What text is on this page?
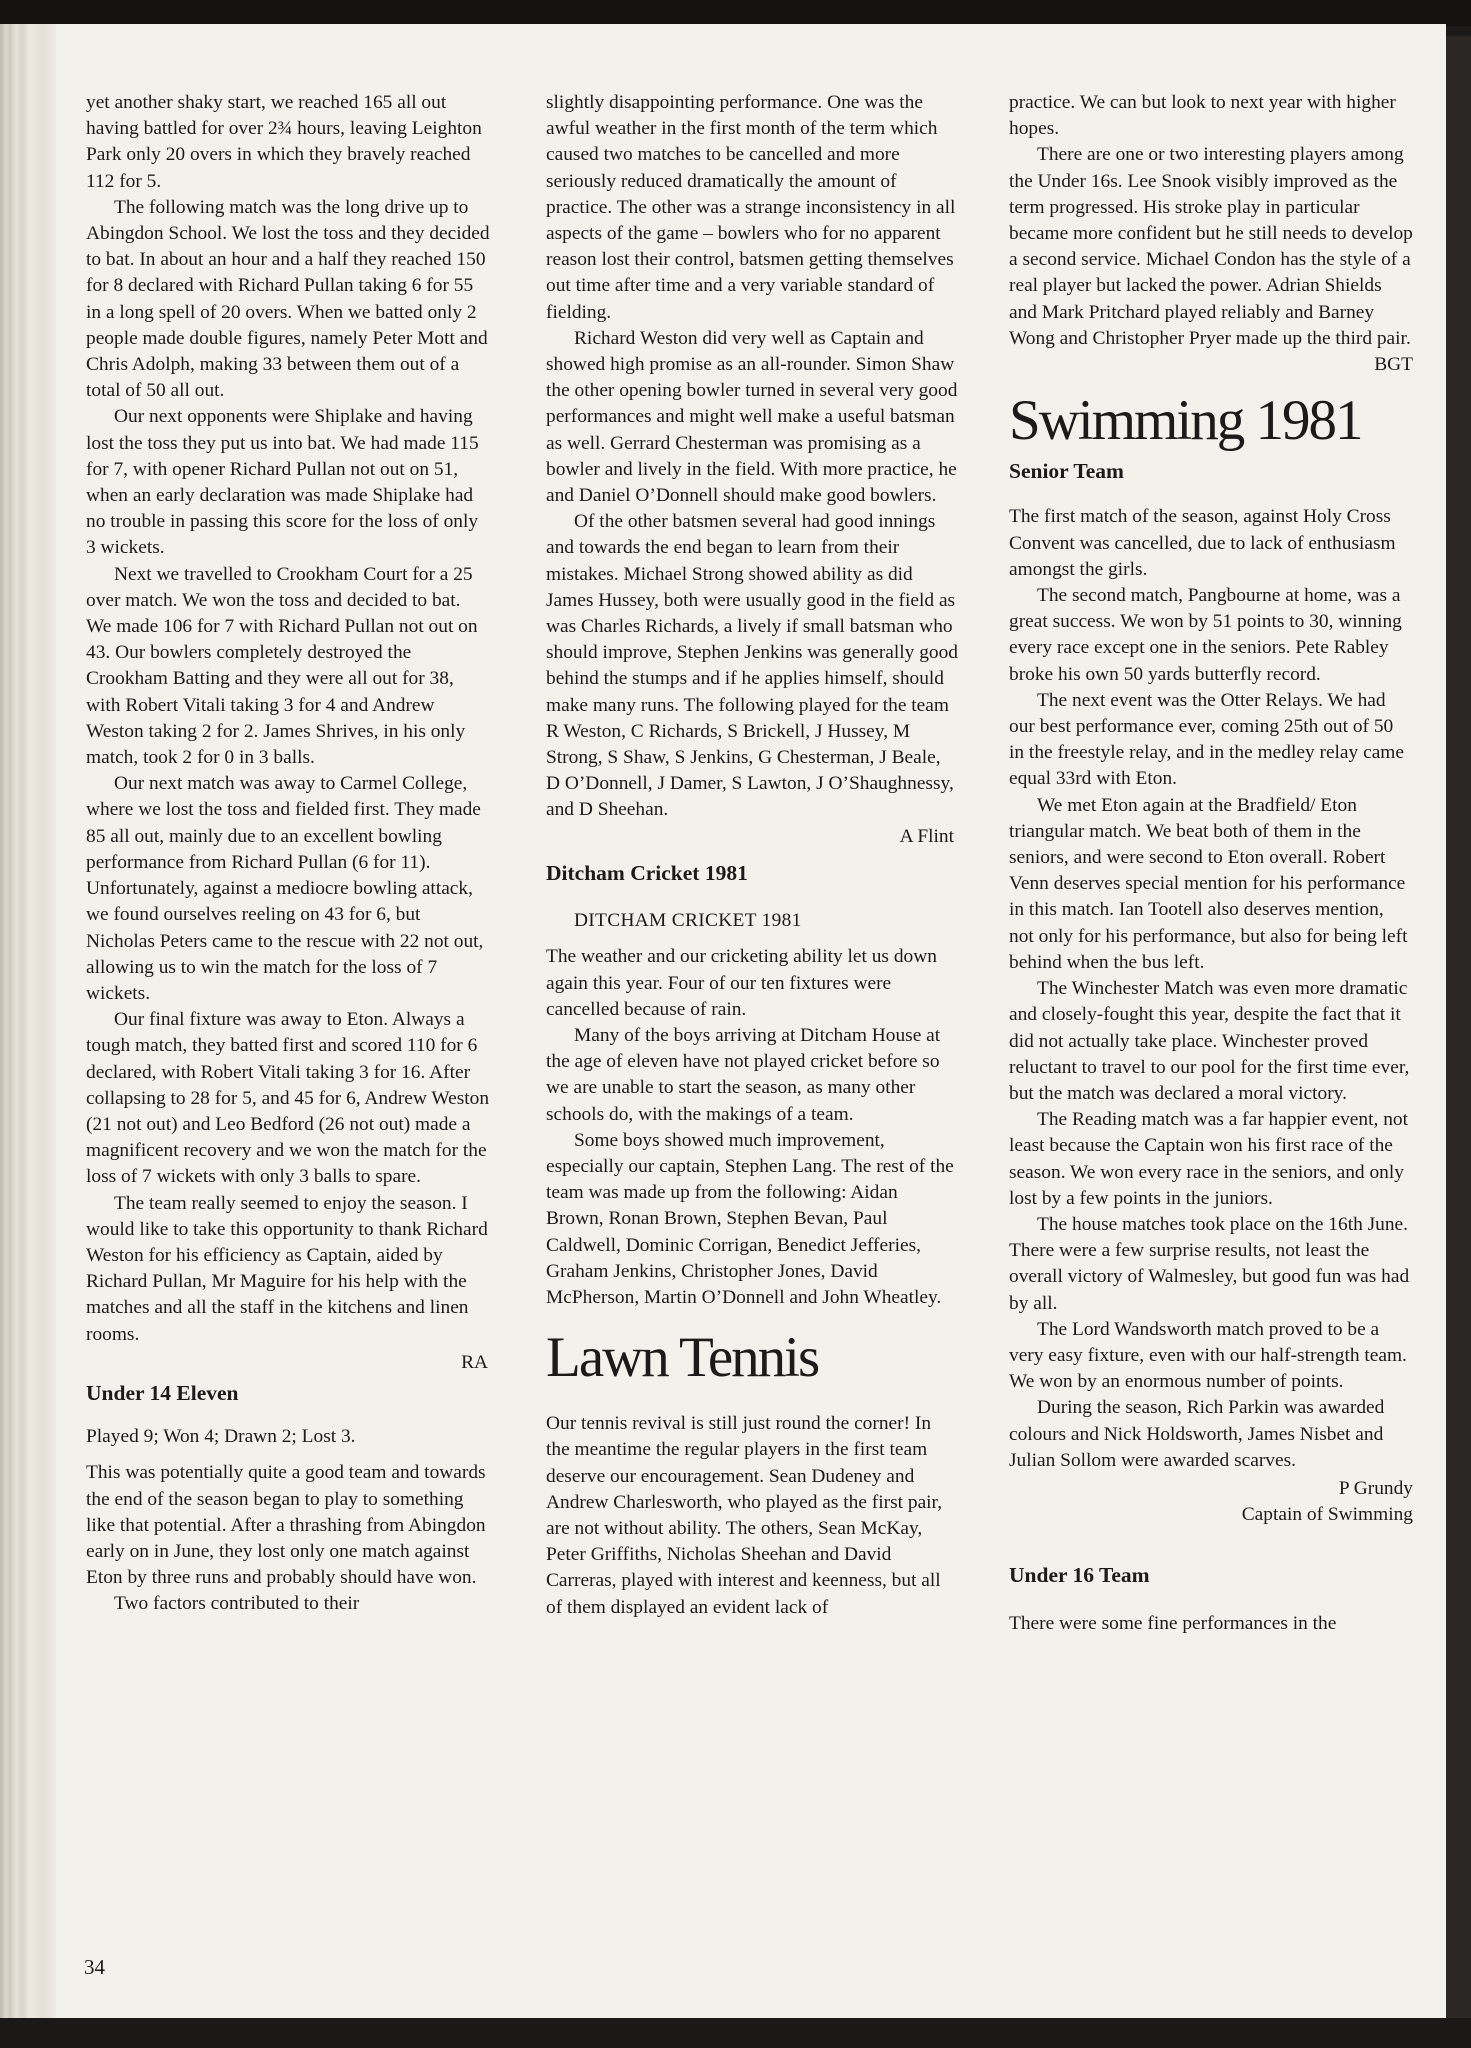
yet another shaky start, we reached 165 all out having battled for over 2¾ hours, leaving Leighton Park only 20 overs in which they bravely reached 112 for 5.

The following match was the long drive up to Abingdon School. We lost the toss and they decided to bat. In about an hour and a half they reached 150 for 8 declared with Richard Pullan taking 6 for 55 in a long spell of 20 overs. When we batted only 2 people made double figures, namely Peter Mott and Chris Adolph, making 33 between them out of a total of 50 all out.

Our next opponents were Shiplake and having lost the toss they put us into bat. We had made 115 for 7, with opener Richard Pullan not out on 51, when an early declaration was made Shiplake had no trouble in passing this score for the loss of only 3 wickets.

Next we travelled to Crookham Court for a 25 over match. We won the toss and decided to bat. We made 106 for 7 with Richard Pullan not out on 43. Our bowlers completely destroyed the Crookham Batting and they were all out for 38, with Robert Vitali taking 3 for 4 and Andrew Weston taking 2 for 2. James Shrives, in his only match, took 2 for 0 in 3 balls.

Our next match was away to Carmel College, where we lost the toss and fielded first. They made 85 all out, mainly due to an excellent bowling performance from Richard Pullan (6 for 11). Unfortunately, against a mediocre bowling attack, we found ourselves reeling on 43 for 6, but Nicholas Peters came to the rescue with 22 not out, allowing us to win the match for the loss of 7 wickets.

Our final fixture was away to Eton. Always a tough match, they batted first and scored 110 for 6 declared, with Robert Vitali taking 3 for 16. After collapsing to 28 for 5, and 45 for 6, Andrew Weston (21 not out) and Leo Bedford (26 not out) made a magnificent recovery and we won the match for the loss of 7 wickets with only 3 balls to spare.

The team really seemed to enjoy the season. I would like to take this opportunity to thank Richard Weston for his efficiency as Captain, aided by Richard Pullan, Mr Maguire for his help with the matches and all the staff in the kitchens and linen rooms.

RA

Under 14 Eleven

Played 9; Won 4; Drawn 2; Lost 3.

This was potentially quite a good team and towards the end of the season began to play to something like that potential. After a thrashing from Abingdon early on in June, they lost only one match against Eton by three runs and probably should have won.

Two factors contributed to their

slightly disappointing performance. One was the awful weather in the first month of the term which caused two matches to be cancelled and more seriously reduced dramatically the amount of practice. The other was a strange inconsistency in all aspects of the game – bowlers who for no apparent reason lost their control, batsmen getting themselves out time after time and a very variable standard of fielding.

Richard Weston did very well as Captain and showed high promise as an all-rounder. Simon Shaw the other opening bowler turned in several very good performances and might well make a useful batsman as well. Gerrard Chesterman was promising as a bowler and lively in the field. With more practice, he and Daniel O’Donnell should make good bowlers.

Of the other batsmen several had good innings and towards the end began to learn from their mistakes. Michael Strong showed ability as did James Hussey, both were usually good in the field as was Charles Richards, a lively if small batsman who should improve, Stephen Jenkins was generally good behind the stumps and if he applies himself, should make many runs. The following played for the team R Weston, C Richards, S Brickell, J Hussey, M Strong, S Shaw, S Jenkins, G Chesterman, J Beale, D O’Donnell, J Damer, S Lawton, J O’Shaughnessy, and D Sheehan.

A Flint

Ditcham Cricket 1981

DITCHAM CRICKET 1981

The weather and our cricketing ability let us down again this year. Four of our ten fixtures were cancelled because of rain.

Many of the boys arriving at Ditcham House at the age of eleven have not played cricket before so we are unable to start the season, as many other schools do, with the makings of a team.

Some boys showed much improvement, especially our captain, Stephen Lang. The rest of the team was made up from the following: Aidan Brown, Ronan Brown, Stephen Bevan, Paul Caldwell, Dominic Corrigan, Benedict Jefferies, Graham Jenkins, Christopher Jones, David McPherson, Martin O’Donnell and John Wheatley.

Lawn Tennis

Our tennis revival is still just round the corner! In the meantime the regular players in the first team deserve our encouragement. Sean Dudeney and Andrew Charlesworth, who played as the first pair, are not without ability. The others, Sean McKay, Peter Griffiths, Nicholas Sheehan and David Carreras, played with interest and keenness, but all of them displayed an evident lack of

practice. We can but look to next year with higher hopes.

There are one or two interesting players among the Under 16s. Lee Snook visibly improved as the term progressed. His stroke play in particular became more confident but he still needs to develop a second service. Michael Condon has the style of a real player but lacked the power. Adrian Shields and Mark Pritchard played reliably and Barney Wong and Christopher Pryer made up the third pair.

BGT

Swimming 1981
Senior Team

The first match of the season, against Holy Cross Convent was cancelled, due to lack of enthusiasm amongst the girls.

The second match, Pangbourne at home, was a great success. We won by 51 points to 30, winning every race except one in the seniors. Pete Rabley broke his own 50 yards butterfly record.

The next event was the Otter Relays. We had our best performance ever, coming 25th out of 50 in the freestyle relay, and in the medley relay came equal 33rd with Eton.

We met Eton again at the Bradfield/ Eton triangular match. We beat both of them in the seniors, and were second to Eton overall. Robert Venn deserves special mention for his performance in this match. Ian Tootell also deserves mention, not only for his performance, but also for being left behind when the bus left.

The Winchester Match was even more dramatic and closely-fought this year, despite the fact that it did not actually take place. Winchester proved reluctant to travel to our pool for the first time ever, but the match was declared a moral victory.

The Reading match was a far happier event, not least because the Captain won his first race of the season. We won every race in the seniors, and only lost by a few points in the juniors.

The house matches took place on the 16th June. There were a few surprise results, not least the overall victory of Walmesley, but good fun was had by all.

The Lord Wandsworth match proved to be a very easy fixture, even with our half-strength team. We won by an enormous number of points.

During the season, Rich Parkin was awarded colours and Nick Holdsworth, James Nisbet and Julian Sollom were awarded scarves.

P Grundy

Captain of Swimming

Under 16 Team

There were some fine performances in the

34
